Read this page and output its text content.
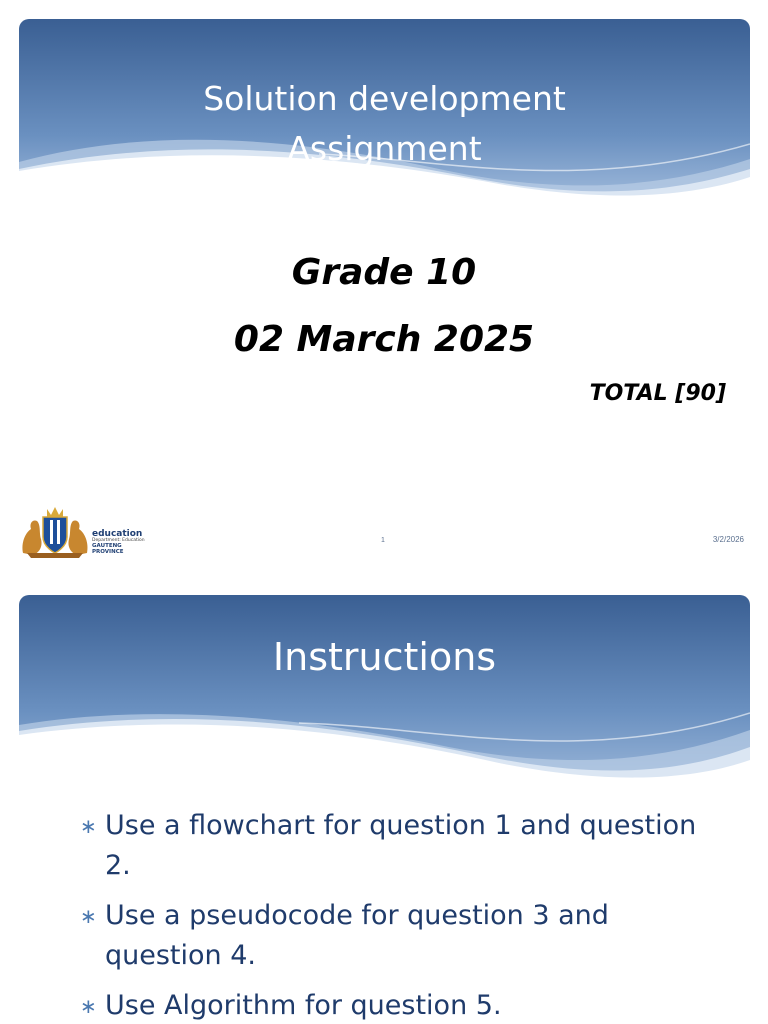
Solution development
Assignment
Grade 10
02 March 2025
TOTAL [90]
education
Department: Education
GAUTENG PROVINCE
1	3/2/2026
Instructions
∗ Use a flowchart for question 1 and question 2.
∗ Use a pseudocode for question 3 and question 4.
∗ Use Algorithm for question 5.
